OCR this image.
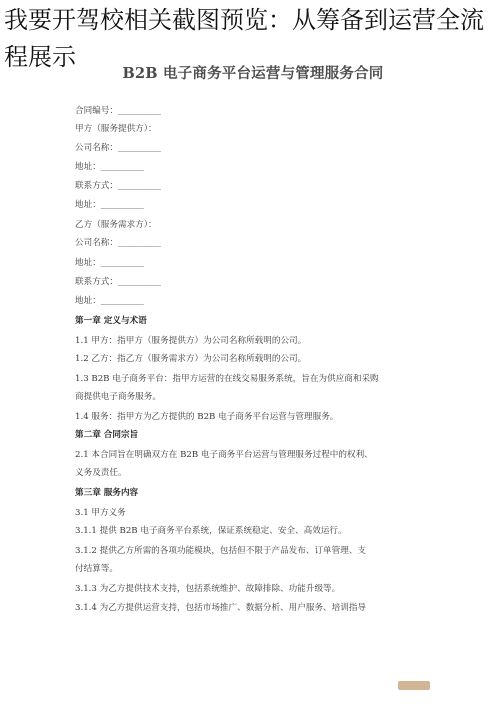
我要开驾校相关截图预览：从筹备到运营全流程展示
B2B 电子商务平台运营与管理服务合同
合同编号：__________
甲方（服务提供方）：
公司名称：__________
地址：__________
联系方式：__________
地址：__________
乙方（服务需求方）：
公司名称：__________
地址：__________
联系方式：__________
地址：__________
第一章 定义与术语
1.1 甲方：指甲方（服务提供方）为公司名称所载明的公司。
1.2 乙方：指乙方（服务需求方）为公司名称所载明的公司。
1.3 B2B 电子商务平台：指甲方运营的在线交易服务系统，旨在为供应商和采购
商提供电子商务服务。
1.4 服务：指甲方为乙方提供的 B2B 电子商务平台运营与管理服务。
第二章 合同宗旨
2.1 本合同旨在明确双方在 B2B 电子商务平台运营与管理服务过程中的权利、
义务及责任。
第三章 服务内容
3.1 甲方义务
3.1.1 提供 B2B 电子商务平台系统，保证系统稳定、安全、高效运行。
3.1.2 提供乙方所需的各项功能模块，包括但不限于产品发布、订单管理、支
付结算等。
3.1.3 为乙方提供技术支持，包括系统维护、故障排除、功能升级等。
3.1.4 为乙方提供运营支持，包括市场推广、数据分析、用户服务、培训指导
